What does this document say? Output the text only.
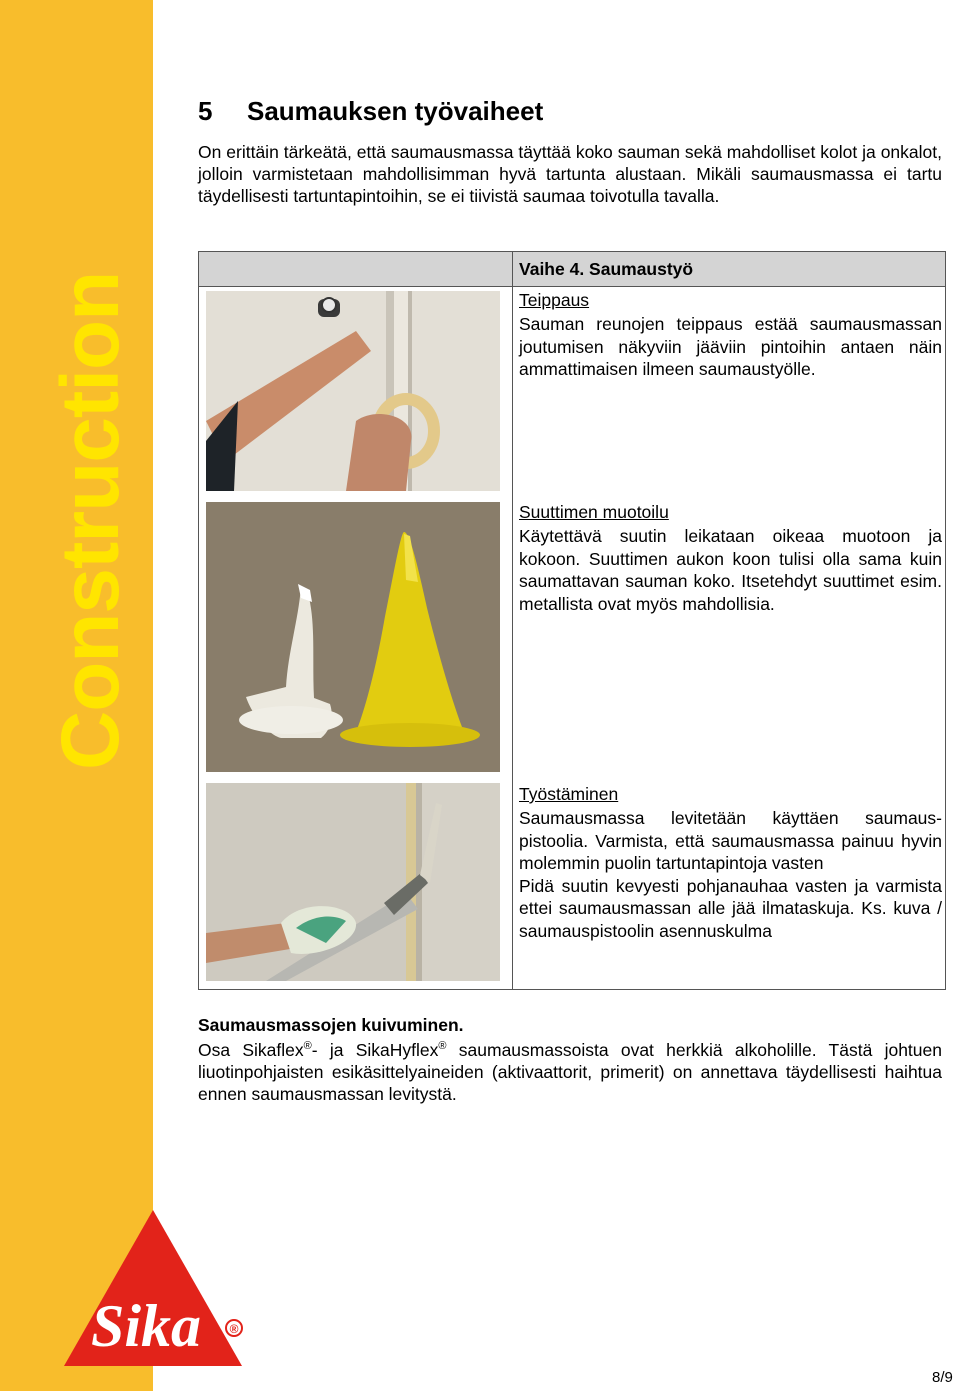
Construction
Sika ®
5 Saumauksen työvaiheet
On erittäin tärkeätä, että saumausmassa täyttää koko sauman sekä mahdolliset kolot ja onkalot, jolloin varmistetaan mahdollisimman hyvä tartunta alustaan. Mikäli saumausmassa ei tartu täydellisesti tartuntapintoihin, se ei tiivistä saumaa toivotulla tavalla.
Vaihe 4. Saumaustyö
Teippaus
Sauman reunojen teippaus estää saumausmassan joutumisen näkyviin jääviin pintoihin antaen näin ammattimaisen ilmeen saumaustyölle.
Suuttimen muotoilu
Käytettävä suutin leikataan oikeaa muotoon ja kokoon. Suuttimen aukon koon tulisi olla sama kuin saumattavan sauman koko. Itsetehdyt suuttimet esim. metallista ovat myös mahdollisia.
Työstäminen
Saumausmassa levitetään käyttäen saumaus-pistoolia. Varmista, että saumausmassa painuu hyvin molemmin puolin tartuntapintoja vasten
Pidä suutin kevyesti pohjanauhaa vasten ja varmista ettei saumausmassan alle jää ilmataskuja. Ks. kuva / saumauspistoolin asennuskulma
Saumausmassojen kuivuminen.
Osa Sikaflex®- ja SikaHyflex® saumausmassoista ovat herkkiä alkoholille. Tästä johtuen liuotinpohjaisten esikäsittelyaineiden (aktivaattorit, primerit) on annettava täydellisesti haihtua ennen saumausmassan levitystä.
8/9
